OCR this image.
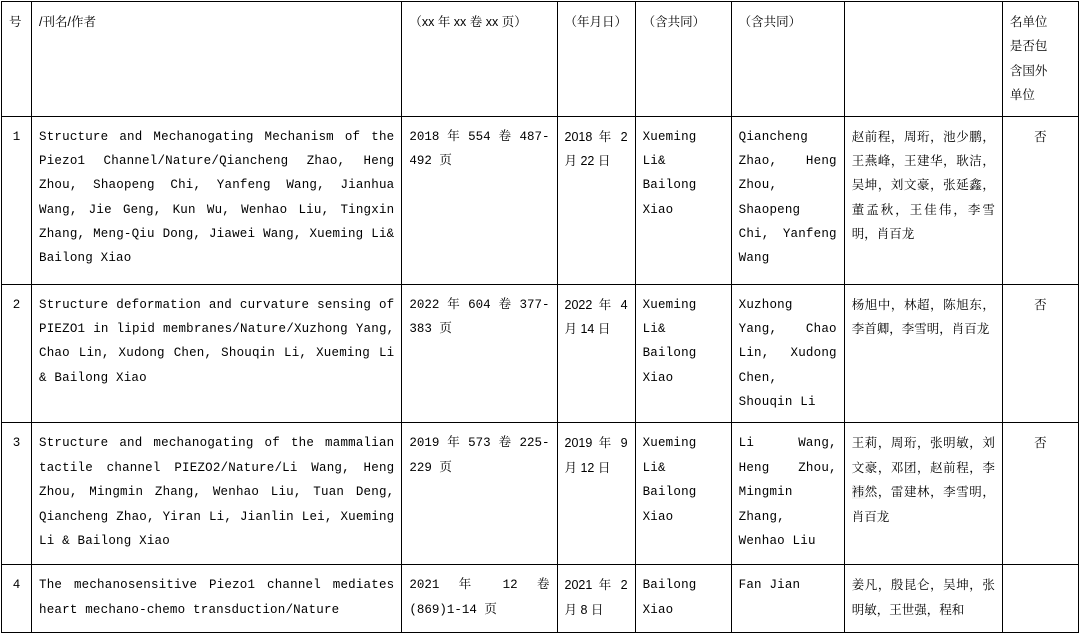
号	/刊名/作者	（xx 年 xx 卷 xx 页）	（年月日）	（含共同）	（含共同）		名单位
是否包
含国外
单位

1	Structure and Mechanogating Mechanism of the Piezo1 Channel/Nature/Qiancheng Zhao, Heng Zhou, Shaopeng Chi, Yanfeng Wang, Jianhua Wang, Jie Geng, Kun Wu, Wenhao Liu, Tingxin Zhang, Meng-Qiu Dong, Jiawei Wang, Xueming Li& Bailong Xiao	2018 年 554 卷 487-492 页	2018 年 2 月 22 日	Xueming Li& Bailong Xiao	Qiancheng Zhao, Heng Zhou, Shaopeng Chi, Yanfeng Wang	赵前程，周珩，池少鹏，王燕峰，王建华，耿洁，吴坤，刘文豪，张延鑫，董孟秋，王佳伟，李雪明，肖百龙	否
2	Structure deformation and curvature sensing of PIEZO1 in lipid membranes/Nature/Xuzhong Yang, Chao Lin, Xudong Chen, Shouqin Li, Xueming Li & Bailong Xiao	2022 年 604 卷 377-383 页	2022 年 4 月 14 日	Xueming Li& Bailong Xiao	Xuzhong Yang, Chao Lin, Xudong Chen, Shouqin Li	杨旭中，林超，陈旭东，李首卿，李雪明，肖百龙	否
3	Structure and mechanogating of the mammalian tactile channel PIEZO2/Nature/Li Wang, Heng Zhou, Mingmin Zhang, Wenhao Liu, Tuan Deng, Qiancheng Zhao, Yiran Li, Jianlin Lei, Xueming Li & Bailong Xiao	2019 年 573 卷 225-229 页	2019 年 9 月 12 日	Xueming Li& Bailong Xiao	Li Wang, Heng Zhou, Mingmin Zhang, Wenhao Liu	王莉，周珩，张明敏，刘文豪，邓团，赵前程，李袆然，雷建林，李雪明，肖百龙	否
4	The mechanosensitive Piezo1 channel mediates heart mechano-chemo transduction/Nature	2021 年 12 卷 (869)1-14 页	2021 年 2 月 8 日	Bailong Xiao	Fan Jian	姜凡，殷昆仑，吴坤，张明敏，王世强，程和	
